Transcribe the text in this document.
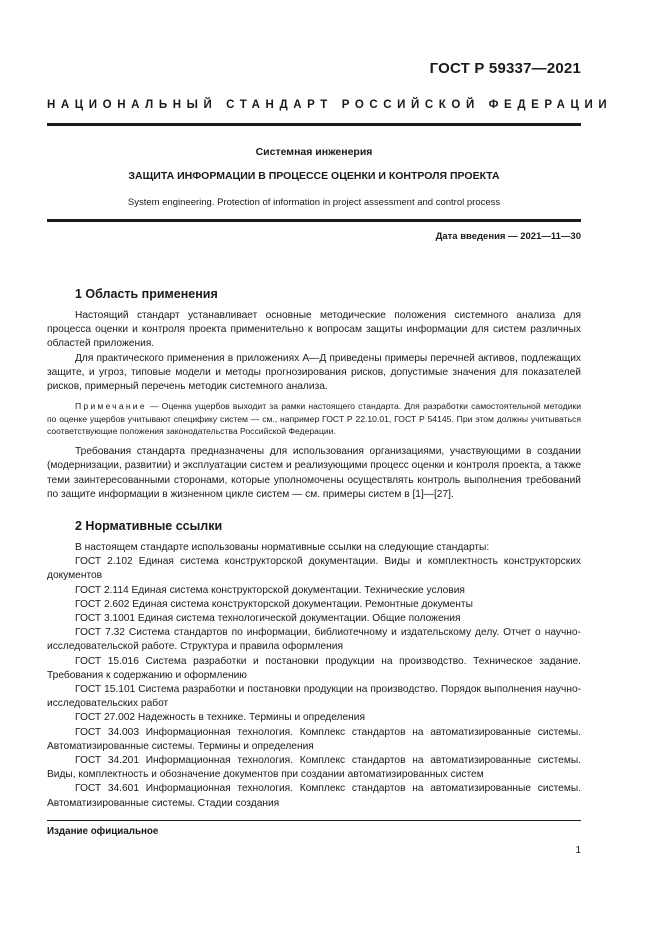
ГОСТ Р 59337—2021
НАЦИОНАЛЬНЫЙ СТАНДАРТ РОССИЙСКОЙ ФЕДЕРАЦИИ
Системная инженерия
ЗАЩИТА ИНФОРМАЦИИ В ПРОЦЕССЕ ОЦЕНКИ И КОНТРОЛЯ ПРОЕКТА
System engineering. Protection of information in project assessment and control process
Дата введения — 2021—11—30
1 Область применения

Настоящий стандарт устанавливает основные методические положения системного анализа для процесса оценки и контроля проекта применительно к вопросам защиты информации для систем различных областей приложения.

Для практического применения в приложениях А—Д приведены примеры перечней активов, подлежащих защите, и угроз, типовые модели и методы прогнозирования рисков, допустимые значения для показателей рисков, примерный перечень методик системного анализа.

Примечание — Оценка ущербов выходит за рамки настоящего стандарта. Для разработки самостоятельной методики по оценке ущербов учитывают специфику систем — см., например ГОСТ Р 22.10.01, ГОСТ Р 54145. При этом должны учитываться соответствующие положения законодательства Российской Федерации.

Требования стандарта предназначены для использования организациями, участвующими в создании (модернизации, развитии) и эксплуатации систем и реализующими процесс оценки и контроля проекта, а также теми заинтересованными сторонами, которые уполномочены осуществлять контроль выполнения требований по защите информации в жизненном цикле систем — см. примеры систем в [1]—[27].

2 Нормативные ссылки

В настоящем стандарте использованы нормативные ссылки на следующие стандарты:

ГОСТ 2.102 Единая система конструкторской документации. Виды и комплектность конструкторских документов

ГОСТ 2.114 Единая система конструкторской документации. Технические условия

ГОСТ 2.602 Единая система конструкторской документации. Ремонтные документы

ГОСТ 3.1001 Единая система технологической документации. Общие положения

ГОСТ 7.32 Система стандартов по информации, библиотечному и издательскому делу. Отчет о научно-исследовательской работе. Структура и правила оформления

ГОСТ 15.016 Система разработки и постановки продукции на производство. Техническое задание. Требования к содержанию и оформлению

ГОСТ 15.101 Система разработки и постановки продукции на производство. Порядок выполнения научно-исследовательских работ

ГОСТ 27.002 Надежность в технике. Термины и определения

ГОСТ 34.003 Информационная технология. Комплекс стандартов на автоматизированные системы. Автоматизированные системы. Термины и определения

ГОСТ 34.201 Информационная технология. Комплекс стандартов на автоматизированные системы. Виды, комплектность и обозначение документов при создании автоматизированных систем

ГОСТ 34.601 Информационная технология. Комплекс стандартов на автоматизированные системы. Автоматизированные системы. Стадии создания

Издание официальное
1
